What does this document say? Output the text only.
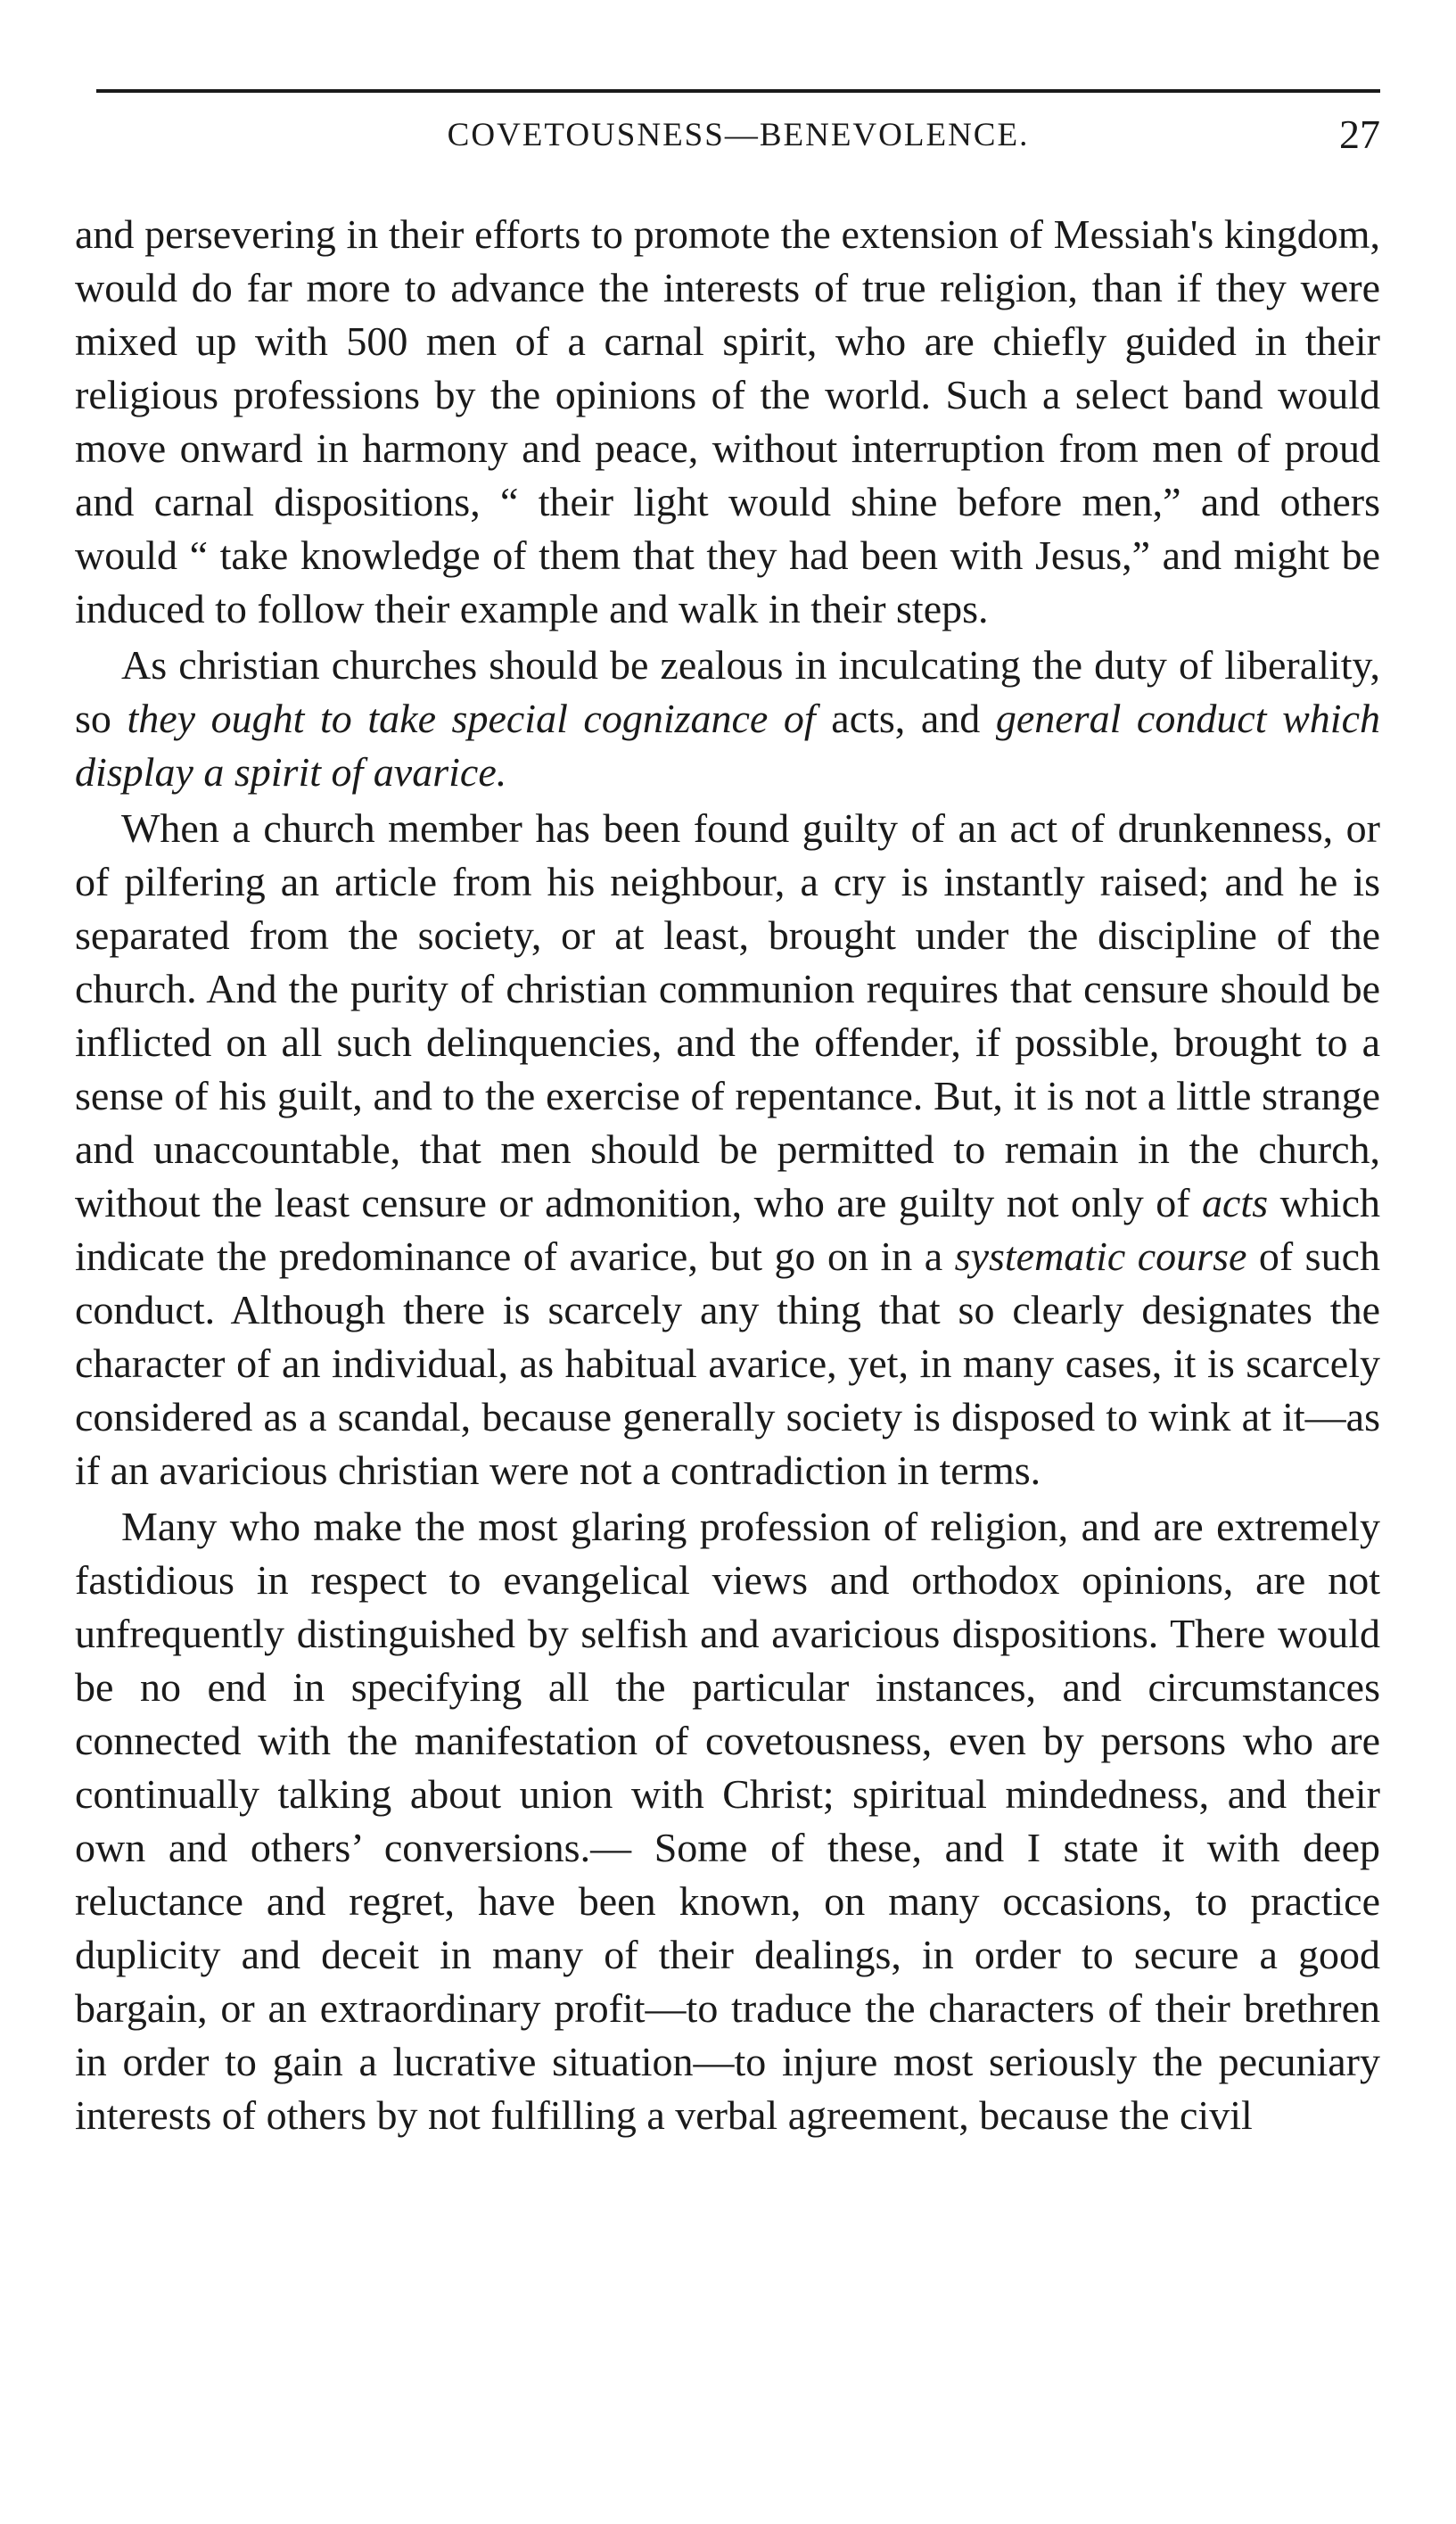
COVETOUSNESS—BENEVOLENCE.	27

and persevering in their efforts to promote the extension of Messiah's kingdom, would do far more to advance the interests of true religion, than if they were mixed up with 500 men of a carnal spirit, who are chiefly guided in their religious professions by the opinions of the world. Such a select band would move onward in harmony and peace, without interruption from men of proud and carnal dispositions, “ their light would shine before men,” and others would “ take knowledge of them that they had been with Jesus,” and might be induced to follow their example and walk in their steps.

As christian churches should be zealous in inculcating the duty of liberality, so they ought to take special cognizance of acts, and general conduct which display a spirit of avarice.

When a church member has been found guilty of an act of drunkenness, or of pilfering an article from his neighbour, a cry is instantly raised; and he is separated from the society, or at least, brought under the discipline of the church. And the purity of christian communion requires that censure should be inflicted on all such delinquencies, and the offender, if possible, brought to a sense of his guilt, and to the exercise of repentance. But, it is not a little strange and unaccountable, that men should be permitted to remain in the church, without the least censure or admonition, who are guilty not only of acts which indicate the predominance of avarice, but go on in a systematic course of such conduct. Although there is scarcely any thing that so clearly designates the character of an individual, as habitual avarice, yet, in many cases, it is scarcely considered as a scandal, because generally society is disposed to wink at it—as if an avaricious christian were not a contradiction in terms.

Many who make the most glaring profession of religion, and are extremely fastidious in respect to evangelical views and orthodox opinions, are not unfrequently distinguished by selfish and avaricious dispositions. There would be no end in specifying all the particular instances, and circumstances connected with the manifestation of covetousness, even by persons who are continually talking about union with Christ; spiritual mindedness, and their own and others’ conversions.— Some of these, and I state it with deep reluctance and regret, have been known, on many occasions, to practice duplicity and deceit in many of their dealings, in order to secure a good bargain, or an extraordinary profit—to traduce the characters of their brethren in order to gain a lucrative situation—to injure most seriously the pecuniary interests of others by not fulfilling a verbal agreement, because the civil
